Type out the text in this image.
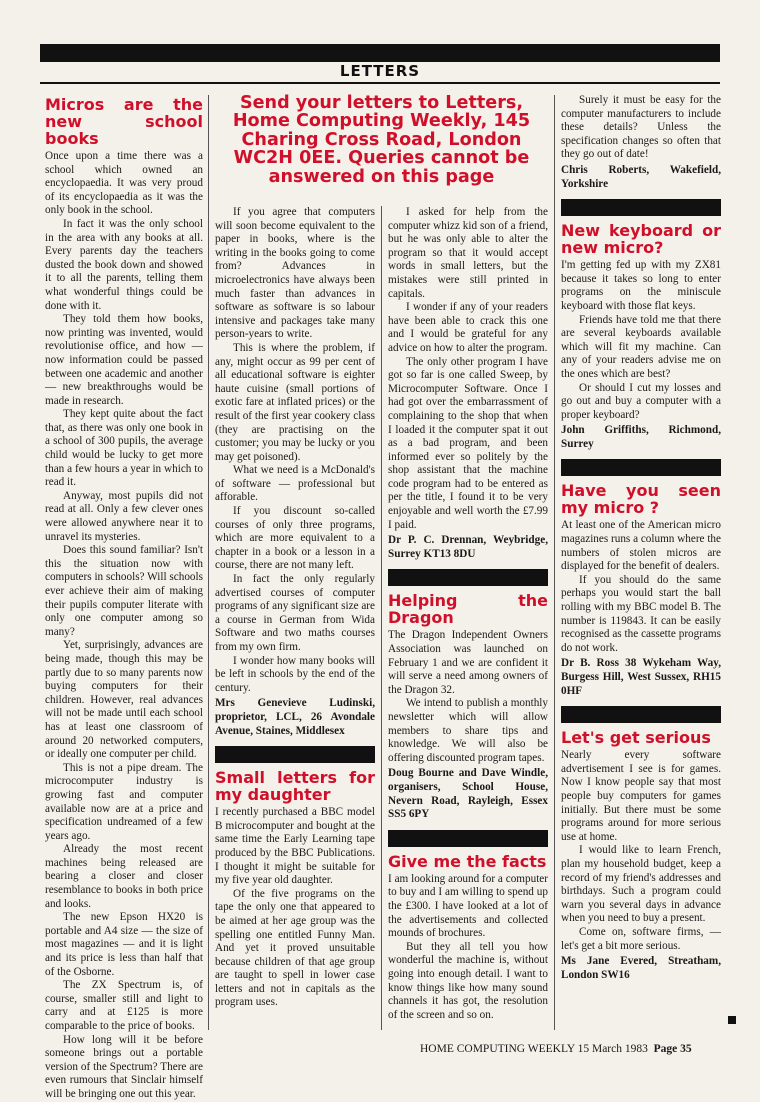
LETTERS
Micros are the new school books

Once upon a time there was a school which owned an encyclopaedia. It was very proud of its encyclopaedia as it was the only book in the school.

In fact it was the only school in the area with any books at all. Every parents day the teachers dusted the book down and showed it to all the parents, telling them what wonderful things could be done with it.

They told them how books, now printing was invented, would revolutionise office, and how — now information could be passed between one academic and another — new breakthroughs would be made in research.

They kept quite about the fact that, as there was only one book in a school of 300 pupils, the average child would be lucky to get more than a few hours a year in which to read it.

Anyway, most pupils did not read at all. Only a few clever ones were allowed anywhere near it to unravel its mysteries.

Does this sound familiar? Isn't this the situation now with computers in schools? Will schools ever achieve their aim of making their pupils computer literate with only one computer among so many?

Yet, surprisingly, advances are being made, though this may be partly due to so many parents now buying computers for their children. However, real advances will not be made until each school has at least one classroom of around 20 networked computers, or ideally one computer per child.

This is not a pipe dream. The microcomputer industry is growing fast and computer available now are at a price and specification undreamed of a few years ago.

Already the most recent machines being released are bearing a closer and closer resemblance to books in both price and looks.

The new Epson HX20 is portable and A4 size — the size of most magazines — and it is light and its price is less than half that of the Osborne.

The ZX Spectrum is, of course, smaller still and light to carry and at £125 is more comparable to the price of books.

How long will it be before someone brings out a portable version of the Spectrum? There are even rumours that Sinclair himself will be bringing one out this year.

Send your letters to Letters, Home Computing Weekly, 145 Charing Cross Road, London WC2H 0EE. Queries cannot be answered on this page

If you agree that computers will soon become equivalent to the paper in books, where is the writing in the books going to come from? Advances in microelectronics have always been much faster than advances in software as software is so labour intensive and packages take many person-years to write.

This is where the problem, if any, might occur as 99 per cent of all educational software is eighter haute cuisine (small portions of exotic fare at inflated prices) or the result of the first year cookery class (they are practising on the customer; you may be lucky or you may get poisoned).

What we need is a McDonald's of software — professional but afforable.

If you discount so-called courses of only three programs, which are more equivalent to a chapter in a book or a lesson in a course, there are not many left.

In fact the only regularly advertised courses of computer programs of any significant size are a course in German from Wida Software and two maths courses from my own firm.

I wonder how many books will be left in schools by the end of the century.

Mrs Genevieve Ludinski, proprietor, LCL, 26 Avondale Avenue, Staines, Middlesex

Small letters for my daughter

I recently purchased a BBC model B microcomputer and bought at the same time the Early Learning tape produced by the BBC Publications. I thought it might be suitable for my five year old daughter.

Of the five programs on the tape the only one that appeared to be aimed at her age group was the spelling one entitled Funny Man. And yet it proved unsuitable because children of that age group are taught to spell in lower case letters and not in capitals as the program uses.

I asked for help from the computer whizz kid son of a friend, but he was only able to alter the program so that it would accept words in small letters, but the mistakes were still printed in capitals.

I wonder if any of your readers have been able to crack this one and I would be grateful for any advice on how to alter the program.

The only other program I have got so far is one called Sweep, by Microcomputer Software. Once I had got over the embarrassment of complaining to the shop that when I loaded it the computer spat it out as a bad program, and been informed ever so politely by the shop assistant that the machine code program had to be entered as per the title, I found it to be very enjoyable and well worth the £7.99 I paid.

Dr P. C. Drennan, Weybridge, Surrey KT13 8DU

Helping the Dragon

The Dragon Independent Owners Association was launched on February 1 and we are confident it will serve a need among owners of the Dragon 32.

We intend to publish a monthly newsletter which will allow members to share tips and knowledge. We will also be offering discounted program tapes.

Doug Bourne and Dave Windle, organisers, School House, Nevern Road, Rayleigh, Essex SS5 6PY

Give me the facts

I am looking around for a computer to buy and I am willing to spend up the £300. I have looked at a lot of the advertisements and collected mounds of brochures.

But they all tell you how wonderful the machine is, without going into enough detail. I want to know things like how many sound channels it has got, the resolution of the screen and so on.

Surely it must be easy for the computer manufacturers to include these details? Unless the specification changes so often that they go out of date!

Chris Roberts, Wakefield, Yorkshire

New keyboard or new micro?

I'm getting fed up with my ZX81 because it takes so long to enter programs on the miniscule keyboard with those flat keys.

Friends have told me that there are several keyboards available which will fit my machine. Can any of your readers advise me on the ones which are best?

Or should I cut my losses and go out and buy a computer with a proper keyboard?

John Griffiths, Richmond, Surrey

Have you seen my micro ?

At least one of the American micro magazines runs a column where the numbers of stolen micros are displayed for the benefit of dealers.

If you should do the same perhaps you would start the ball rolling with my BBC model B. The number is 119843. It can be easily recognised as the cassette programs do not work.

Dr B. Ross 38 Wykeham Way, Burgess Hill, West Sussex, RH15 0HF

Let's get serious

Nearly every software advertisement I see is for games. Now I know people say that most people buy computers for games initially. But there must be some programs around for more serious use at home.

I would like to learn French, plan my household budget, keep a record of my friend's addresses and birthdays. Such a program could warn you several days in advance when you need to buy a present.

Come on, software firms, — let's get a bit more serious.

Ms Jane Evered, Streatham, London SW16

HOME COMPUTING WEEKLY 15 March 1983 Page 35
